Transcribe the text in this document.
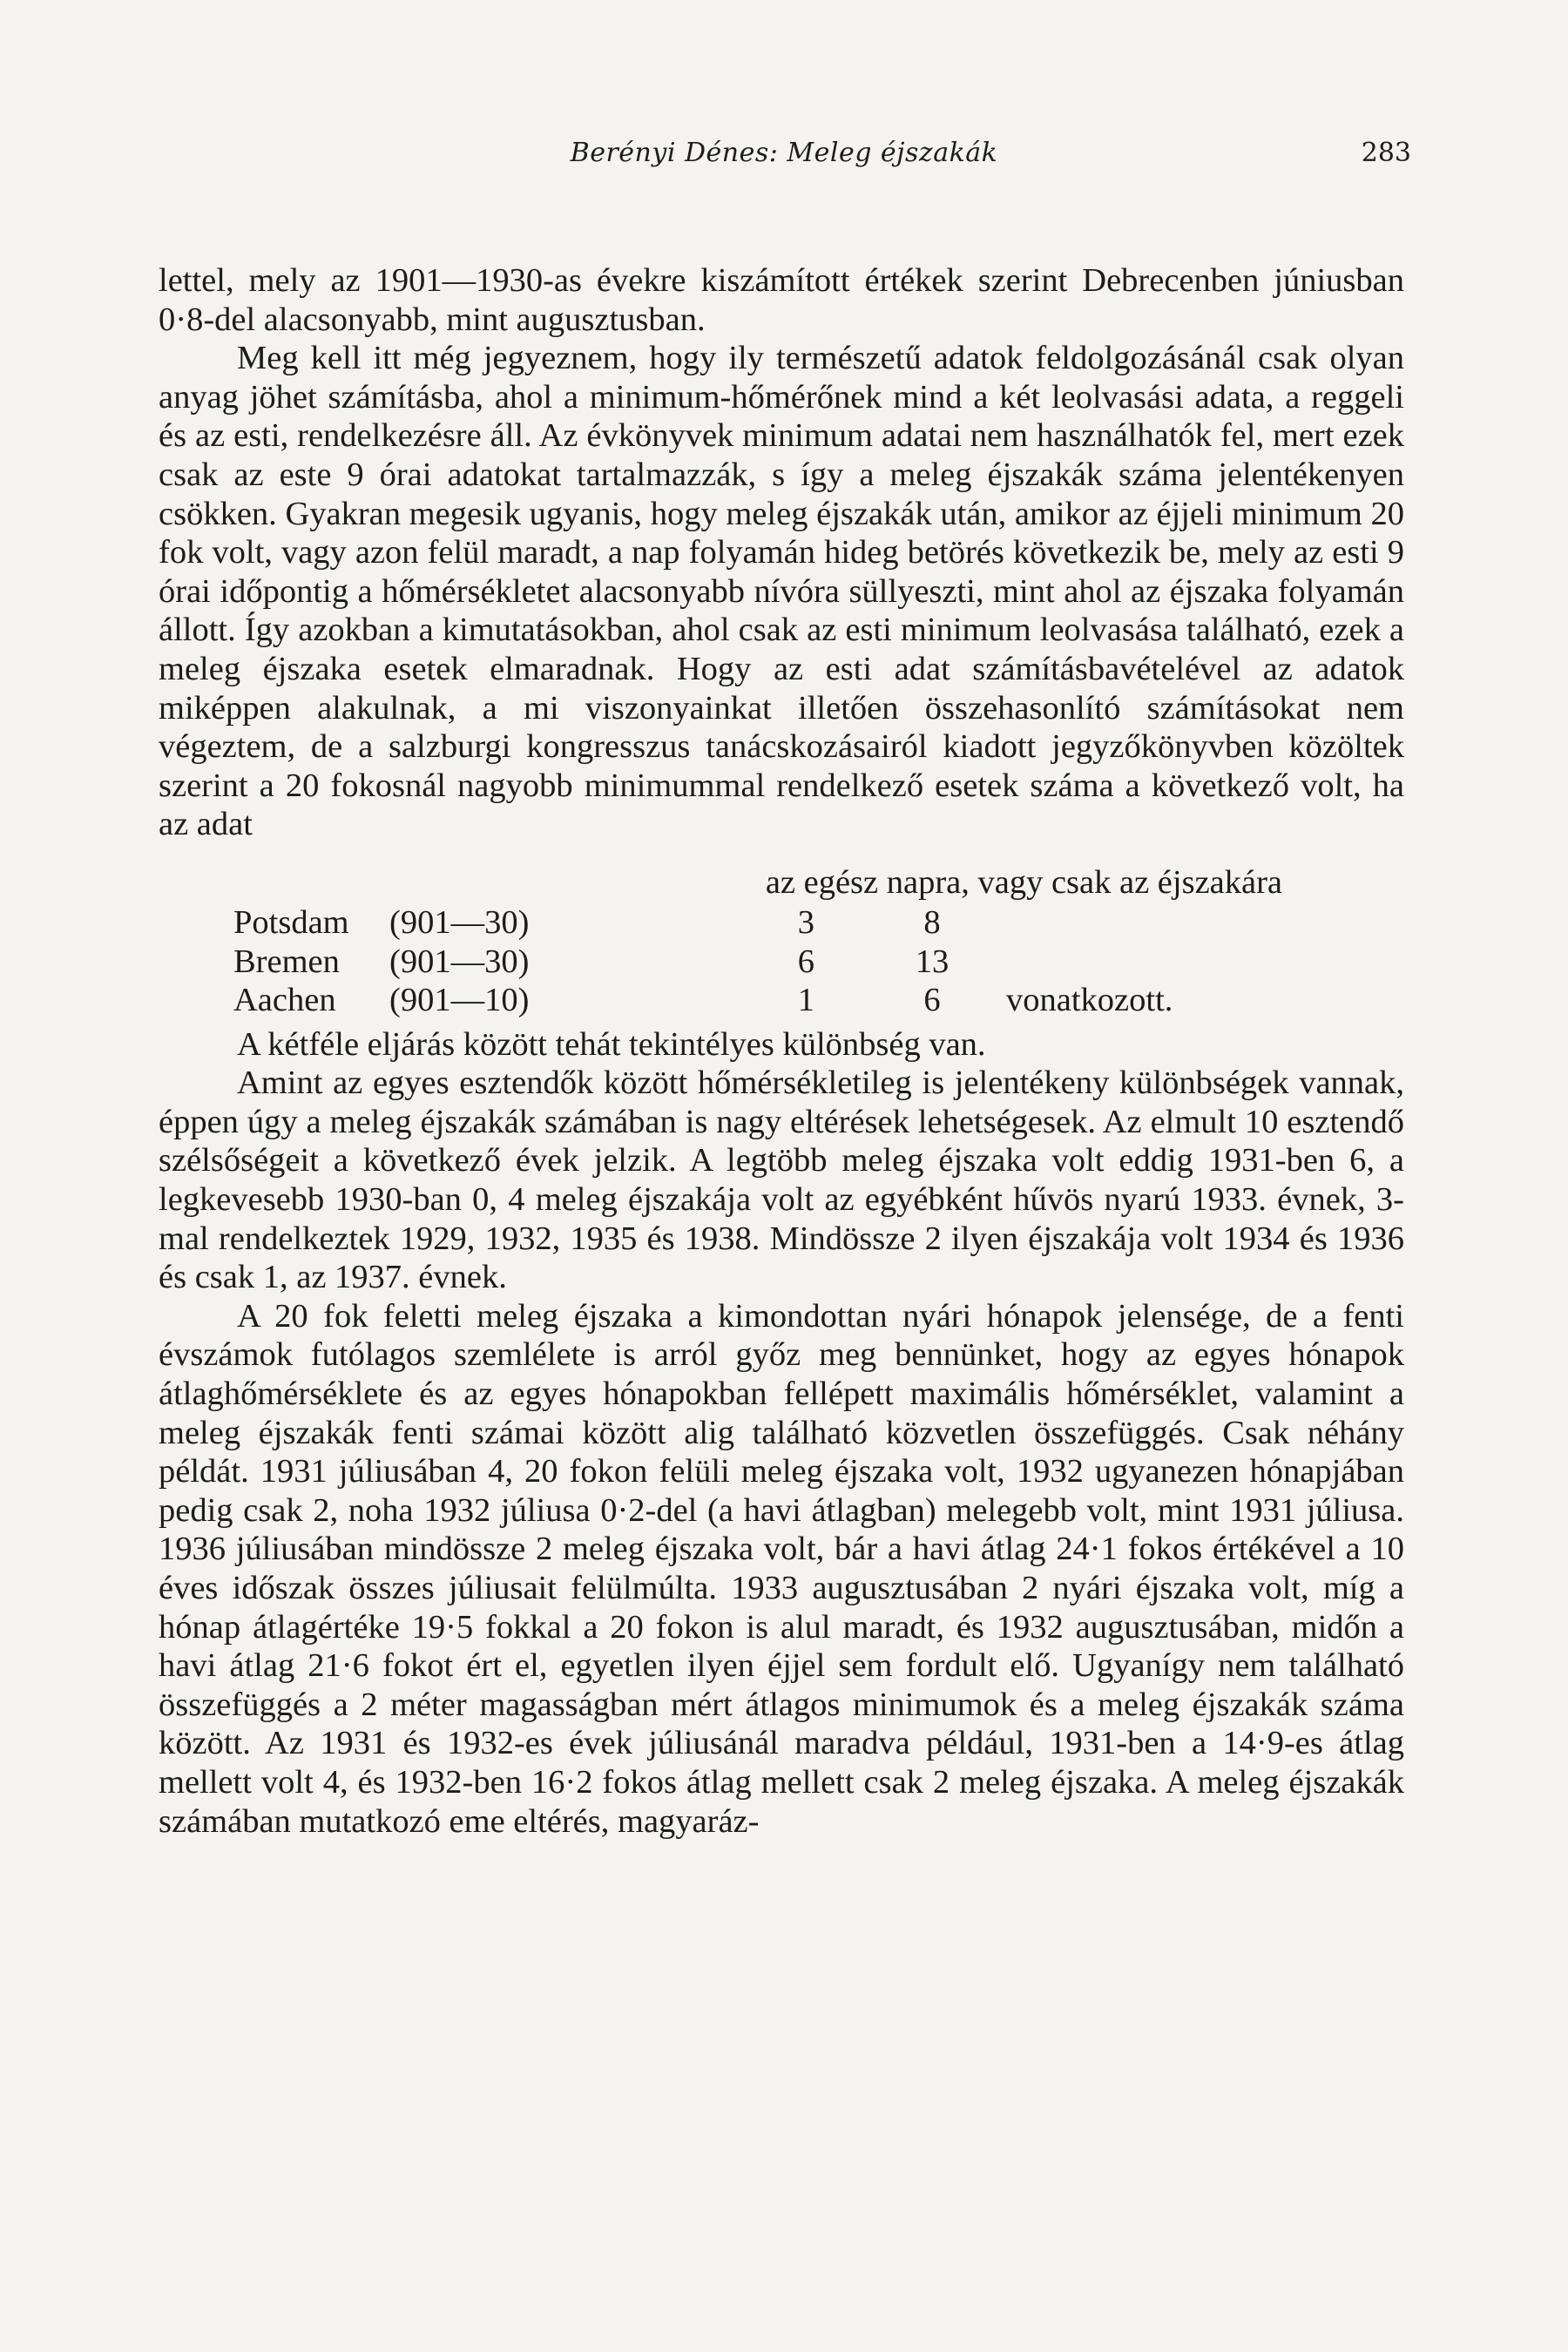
Berényi Dénes: Meleg éjszakák	283

lettel, mely az 1901—1930-as évekre kiszámított értékek szerint Debrecenben júniusban 0·8-del alacsonyabb, mint augusztusban.

Meg kell itt még jegyeznem, hogy ily természetű adatok feldolgozásánál csak olyan anyag jöhet számításba, ahol a minimum-hőmérőnek mind a két leolvasási adata, a reggeli és az esti, rendelkezésre áll. Az évkönyvek minimum adatai nem használhatók fel, mert ezek csak az este 9 órai adatokat tartalmazzák, s így a meleg éjszakák száma jelentékenyen csökken. Gyakran megesik ugyanis, hogy meleg éjszakák után, amikor az éjjeli minimum 20 fok volt, vagy azon felül maradt, a nap folyamán hideg betörés következik be, mely az esti 9 órai időpontig a hőmérsékletet alacsonyabb nívóra süllyeszti, mint ahol az éjszaka folyamán állott. Így azokban a kimutatásokban, ahol csak az esti minimum leolvasása található, ezek a meleg éjszaka esetek elmaradnak. Hogy az esti adat számításbavételével az adatok miképpen alakulnak, a mi viszonyainkat illetően összehasonlító számításokat nem végeztem, de a salzburgi kongresszus tanácskozásairól kiadott jegyzőkönyvben közöltek szerint a 20 fokosnál nagyobb minimummal rendelkező esetek száma a következő volt, ha az adat

az egész napra, vagy csak az éjszakára
Potsdam	(901—30)	3	8	
Bremen	(901—30)	6	13	
Aachen	(901—10)	1	6	vonatkozott.

A kétféle eljárás között tehát tekintélyes különbség van.

Amint az egyes esztendők között hőmérsékletileg is jelentékeny különbségek vannak, éppen úgy a meleg éjszakák számában is nagy eltérések lehetségesek. Az elmult 10 esztendő szélsőségeit a következő évek jelzik. A legtöbb meleg éjszaka volt eddig 1931-ben 6, a legkevesebb 1930-ban 0, 4 meleg éjszakája volt az egyébként hűvös nyarú 1933. évnek, 3-mal rendelkeztek 1929, 1932, 1935 és 1938. Mindössze 2 ilyen éjszakája volt 1934 és 1936 és csak 1, az 1937. évnek.

A 20 fok feletti meleg éjszaka a kimondottan nyári hónapok jelensége, de a fenti évszámok futólagos szemlélete is arról győz meg bennünket, hogy az egyes hónapok átlaghőmérséklete és az egyes hónapokban fellépett maximális hőmérséklet, valamint a meleg éjszakák fenti számai között alig található közvetlen összefüggés. Csak néhány példát. 1931 júliusában 4, 20 fokon felüli meleg éjszaka volt, 1932 ugyanezen hónapjában pedig csak 2, noha 1932 júliusa 0·2-del (a havi átlagban) melegebb volt, mint 1931 júliusa. 1936 júliusában mindössze 2 meleg éjszaka volt, bár a havi átlag 24·1 fokos értékével a 10 éves időszak összes júliusait felülmúlta. 1933 augusztusában 2 nyári éjszaka volt, míg a hónap átlagértéke 19·5 fokkal a 20 fokon is alul maradt, és 1932 augusztusában, midőn a havi átlag 21·6 fokot ért el, egyetlen ilyen éjjel sem fordult elő. Ugyanígy nem található összefüggés a 2 méter magasságban mért átlagos minimumok és a meleg éjszakák száma között. Az 1931 és 1932-es évek júliusánál maradva például, 1931-ben a 14·9-es átlag mellett volt 4, és 1932-ben 16·2 fokos átlag mellett csak 2 meleg éjszaka. A meleg éjszakák számában mutatkozó eme eltérés, magyaráz-
